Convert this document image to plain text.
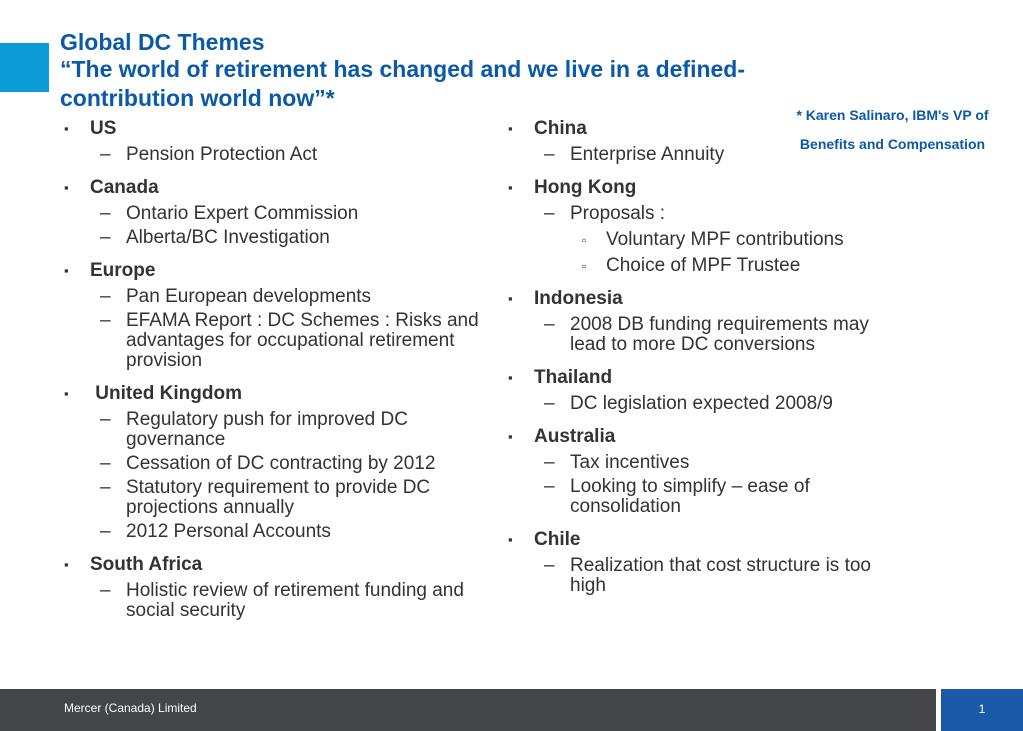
Global DC Themes
“The world of retirement has changed and we live in a defined-
contribution world now”*
* Karen Salinaro, IBM's VP of
Benefits and Compensation
▪	US
– Pension Protection Act
▪	Canada
– Ontario Expert Commission
– Alberta/BC Investigation
▪	Europe
– Pan European developments
– EFAMA Report : DC Schemes : Risks and advantages for occupational retirement provision
▪	United Kingdom
– Regulatory push for improved DC governance
– Cessation of DC contracting by 2012
– Statutory requirement to provide DC projections annually
– 2012 Personal Accounts
▪	South Africa
– Holistic review of retirement funding and social security
▪	China
– Enterprise Annuity
▪	Hong Kong
– Proposals :
▫ Voluntary MPF contributions
▫ Choice of MPF Trustee
▪	Indonesia
– 2008 DB funding requirements may lead to more DC conversions
▪	Thailand
– DC legislation expected 2008/9
▪	Australia
– Tax incentives
– Looking to simplify – ease of consolidation
▪	Chile
– Realization that cost structure is too high
Mercer (Canada) Limited	1
